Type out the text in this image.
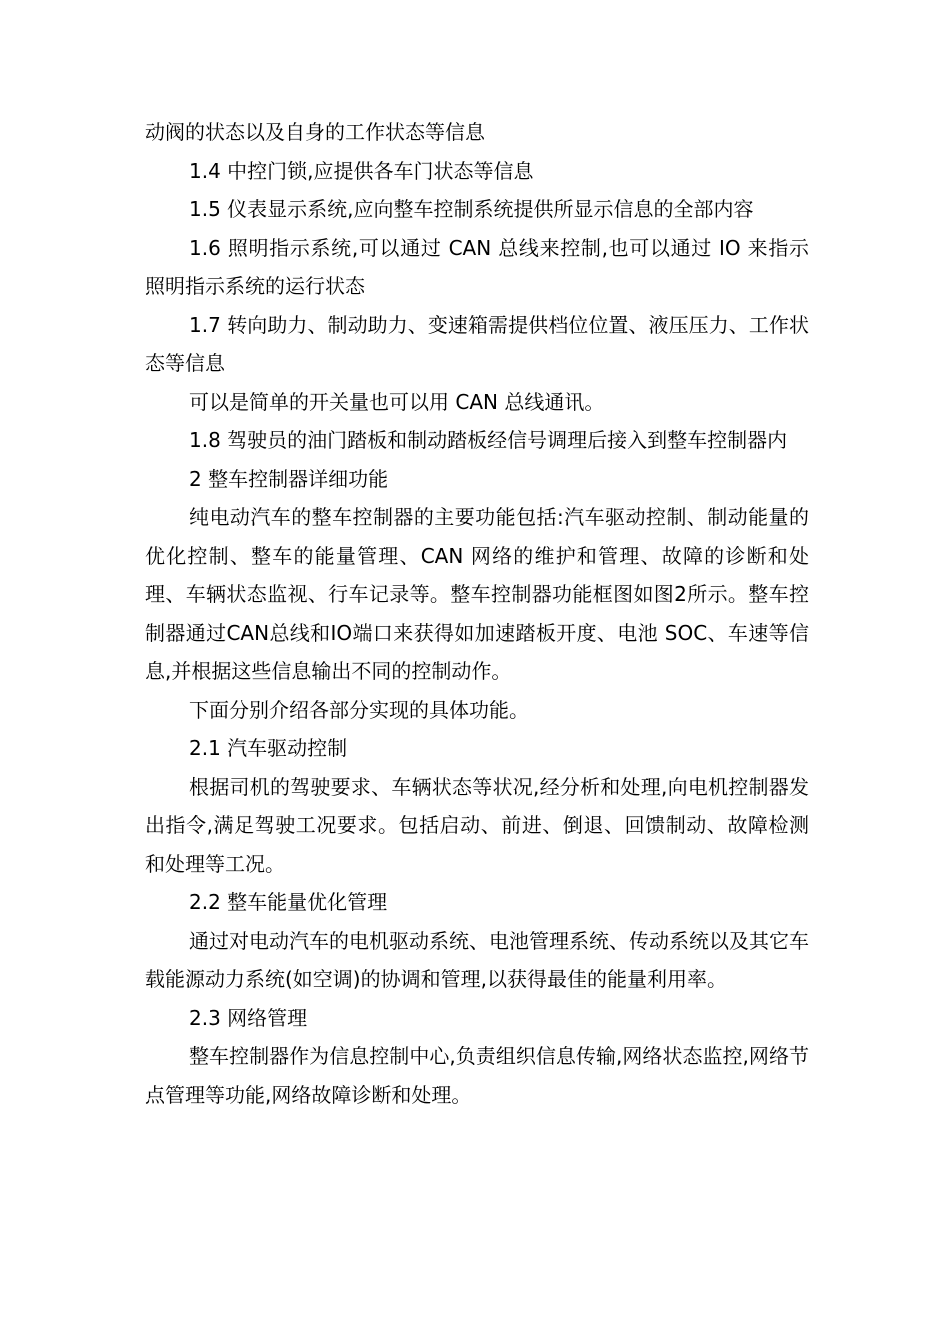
动阀的状态以及自身的工作状态等信息

1.4 中控门锁,应提供各车门状态等信息

1.5 仪表显示系统,应向整车控制系统提供所显示信息的全部内容

1.6 照明指示系统,可以通过 CAN 总线来控制,也可以通过 IO 来指示照明指示系统的运行状态

1.7 转向助力、制动助力、变速箱需提供档位位置、液压压力、工作状态等信息

可以是简单的开关量也可以用 CAN 总线通讯。

1.8 驾驶员的油门踏板和制动踏板经信号调理后接入到整车控制器内

2 整车控制器详细功能

纯电动汽车的整车控制器的主要功能包括:汽车驱动控制、制动能量的优化控制、整车的能量管理、CAN 网络的维护和管理、故障的诊断和处理、车辆状态监视、行车记录等。整车控制器功能框图如图2所示。整车控制器通过CAN总线和IO端口来获得如加速踏板开度、电池 SOC、车速等信息,并根据这些信息输出不同的控制动作。

下面分别介绍各部分实现的具体功能。

2.1 汽车驱动控制

根据司机的驾驶要求、车辆状态等状况,经分析和处理,向电机控制器发出指令,满足驾驶工况要求。包括启动、前进、倒退、回馈制动、故障检测和处理等工况。

2.2 整车能量优化管理

通过对电动汽车的电机驱动系统、电池管理系统、传动系统以及其它车载能源动力系统(如空调)的协调和管理,以获得最佳的能量利用率。

2.3 网络管理

整车控制器作为信息控制中心,负责组织信息传输,网络状态监控,网络节点管理等功能,网络故障诊断和处理。
